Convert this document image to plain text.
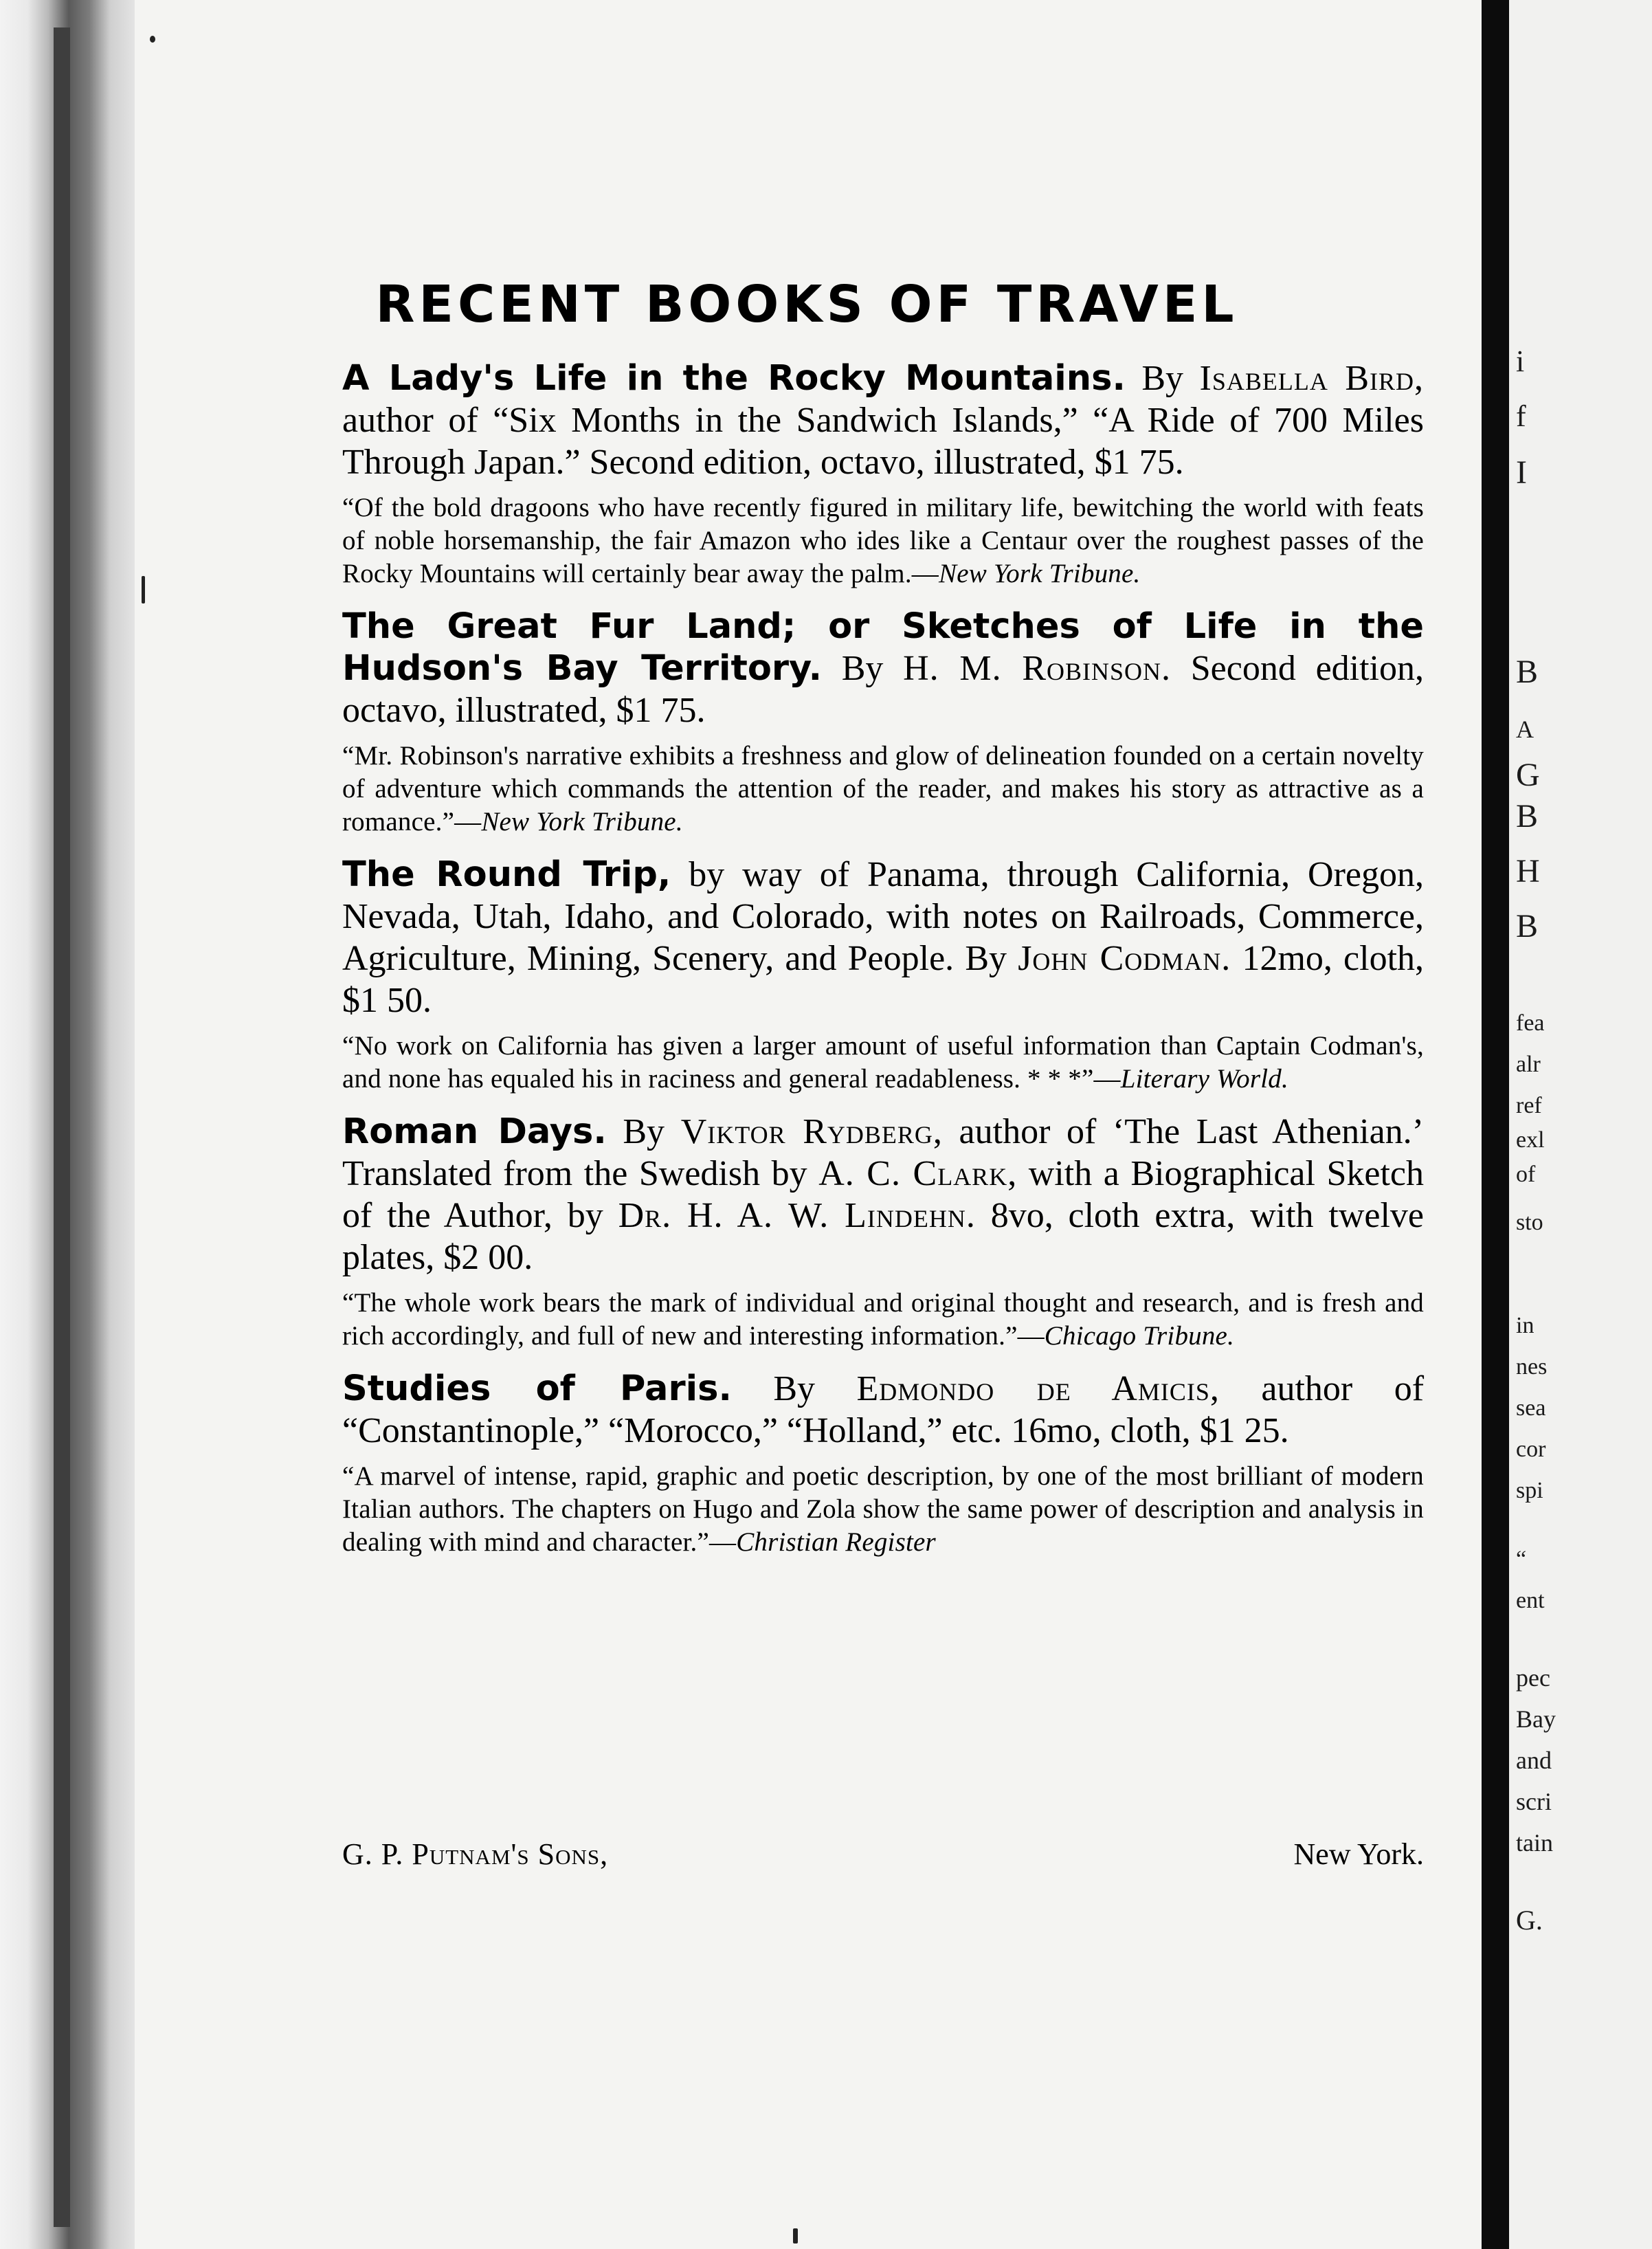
RECENT BOOKS OF TRAVEL
A Lady's Life in the Rocky Mountains. By Isabella Bird, author of “Six Months in the Sandwich Islands,” “A Ride of 700 Miles Through Japan.” Second edition, octavo, illustrated, $1 75.

“Of the bold dragoons who have recently figured in military life, bewitching the world with feats of noble horsemanship, the fair Amazon who ides like a Centaur over the roughest passes of the Rocky Mountains will certainly bear away the palm.—New York Tribune.

The Great Fur Land; or Sketches of Life in the Hudson's Bay Territory. By H. M. Robinson. Second edition, octavo, illustrated, $1 75.

“Mr. Robinson's narrative exhibits a freshness and glow of delineation founded on a certain novelty of adventure which commands the attention of the reader, and makes his story as attractive as a romance.”—New York Tribune.

The Round Trip, by way of Panama, through California, Oregon, Nevada, Utah, Idaho, and Colorado, with notes on Railroads, Commerce, Agriculture, Mining, Scenery, and People. By John Codman. 12mo, cloth, $1 50.

“No work on California has given a larger amount of useful information than Captain Codman's, and none has equaled his in raciness and general readableness. * * *”—Literary World.

Roman Days. By Viktor Rydberg, author of ‘The Last Athenian.’ Translated from the Swedish by A. C. Clark, with a Biographical Sketch of the Author, by Dr. H. A. W. Lindehn. 8vo, cloth extra, with twelve plates, $2 00.

“The whole work bears the mark of individual and original thought and research, and is fresh and rich accordingly, and full of new and interesting information.”—Chicago Tribune.

Studies of Paris. By Edmondo de Amicis, author of “Constantinople,” “Morocco,” “Holland,” etc. 16mo, cloth, $1 25.

“A marvel of intense, rapid, graphic and poetic description, by one of the most brilliant of modern Italian authors. The chapters on Hugo and Zola show the same power of description and analysis in dealing with mind and character.”—Christian Register

G. P. Putnam's Sons,	New York.
i
f
I
B
A
G
B
H
B
fea
alr
ref
exl
of
sto
in
nes
sea
cor
spi
“
ent
pec
Bay
and
scri
tain
G.
